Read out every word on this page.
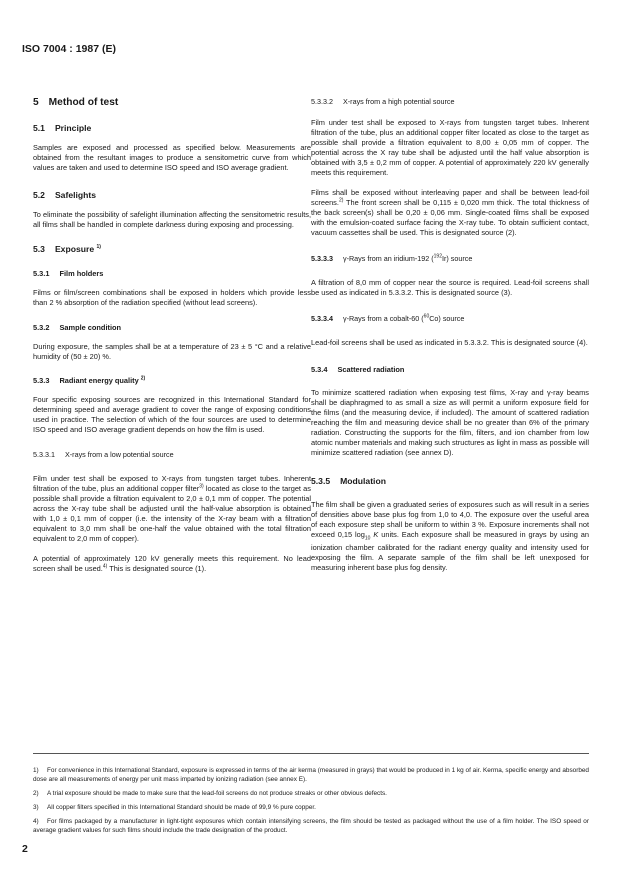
ISO 7004 : 1987 (E)
5 Method of test
5.1 Principle

Samples are exposed and processed as specified below. Measurements are obtained from the resultant images to produce a sensitometric curve from which values are taken and used to determine ISO speed and ISO average gradient.

5.2 Safelights

To eliminate the possibility of safelight illumination affecting the sensitometric results, all films shall be handled in complete darkness during exposing and processing.

5.3 Exposure $^{1)}$
5.3.1 Film holders

Films or film/screen combinations shall be exposed in holders which provide less than 2 % absorption of the radiation specified (without lead screens).

5.3.2 Sample condition

During exposure, the samples shall be at a temperature of 23 ± 5 °C and a relative humidity of (50 ± 20) %.

5.3.3 Radiant energy quality $^{2)}$

Four specific exposing sources are recognized in this International Standard for determining speed and average gradient to cover the range of exposing conditions used in practice. The selection of which of the four sources are used to determine ISO speed and ISO average gradient depends on how the film is used.

5.3.3.1 X-rays from a low potential source

Film under test shall be exposed to X-rays from tungsten target tubes. Inherent filtration of the tube, plus an additional copper filter$^{3)}$ located as close to the target as possible shall provide a filtration equivalent to 2,0 ± 0,1 mm of copper. The potential across the X-ray tube shall be adjusted until the half-value absorption is obtained with 1,0 ± 0,1 mm of copper (i.e. the intensity of the X-ray beam with a filtration equivalent to 3,0 mm shall be one-half the value obtained with the total filtration equivalent to 2,0 mm of copper).

A potential of approximately 120 kV generally meets this requirement. No lead screen shall be used.$^{4)}$ This is designated source (1).

5.3.3.2 X-rays from a high potential source

Film under test shall be exposed to X-rays from tungsten target tubes. Inherent filtration of the tube, plus an additional copper filter located as close to the target as possible shall provide a filtration equivalent to 8,00 ± 0,05 mm of copper. The potential across the X ray tube shall be adjusted until the half value absorption is obtained with 3,5 ± 0,2 mm of copper. A potential of approximately 220 kV generally meets this requirement.

Films shall be exposed without interleaving paper and shall be between lead-foil screens.$^{2)}$ The front screen shall be 0,115 ± 0,020 mm thick. The total thickness of the back screen(s) shall be 0,20 ± 0,06 mm. Single-coated films shall be exposed with the emulsion-coated surface facing the X-ray tube. To obtain sufficient contact, vacuum cassettes shall be used. This is designated source (2).

5.3.3.3 γ-Rays from an iridium-192 ($^{192}$Ir) source

A filtration of 8,0 mm of copper near the source is required. Lead-foil screens shall be used as indicated in 5.3.3.2. This is designated source (3).

5.3.3.4 γ-Rays from a cobalt-60 ($^{60}$Co) source

Lead-foil screens shall be used as indicated in 5.3.3.2. This is designated source (4).

5.3.4 Scattered radiation

To minimize scattered radiation when exposing test films, X-ray and γ-ray beams shall be diaphragmed to as small a size as will permit a uniform exposure field for the films (and the measuring device, if included). The amount of scattered radiation reaching the film and measuring device shall be no greater than 6% of the primary radiation. Constructing the supports for the film, filters, and ion chamber from low atomic number materials and making such structures as light in mass as possible will minimize scattered radiation (see annex D).

5.3.5 Modulation

The film shall be given a graduated series of exposures such as will result in a series of densities above base plus fog from 1,0 to 4,0. The exposure over the useful area of each exposure step shall be uniform to within 3 %. Exposure increments shall not exceed 0,15 $\log_{10} K$ units. Each exposure shall be measured in grays by using an ionization chamber calibrated for the radiant energy quality and intensity used for exposing the film. A separate sample of the film shall be left unexposed for measuring inherent base plus fog density.

1) For convenience in this International Standard, exposure is expressed in terms of the air kerma (measured in grays) that would be produced in 1 kg of air. Kerma, specific energy and absorbed dose are all measurements of energy per unit mass imparted by ionizing radiation (see annex E).
2) A trial exposure should be made to make sure that the lead-foil screens do not produce streaks or other obvious defects.
3) All copper filters specified in this International Standard should be made of 99,9 % pure copper.
4) For films packaged by a manufacturer in light-tight exposures which contain intensifying screens, the film should be tested as packaged without the use of a film holder. The ISO speed or average gradient values for such films should include the trade designation of the product.
2
